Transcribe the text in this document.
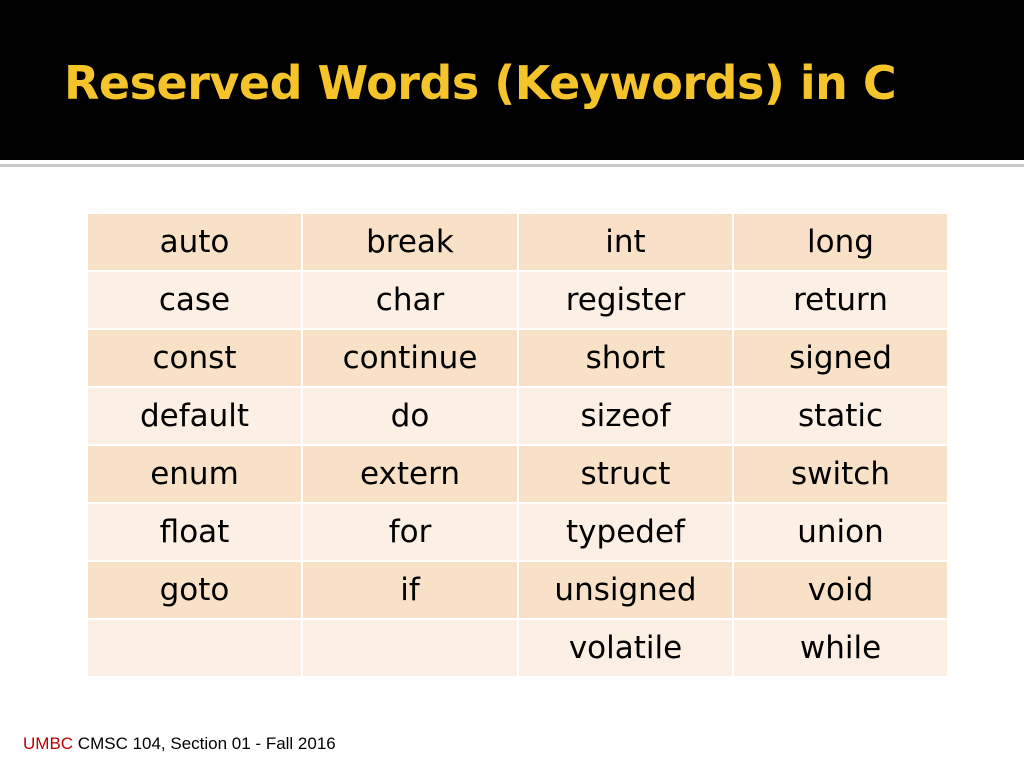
Reserved Words (Keywords) in C
auto	break	int	long
case	char	register	return
const	continue	short	signed
default	do	sizeof	static
enum	extern	struct	switch
float	for	typedef	union
goto	if	unsigned	void
		volatile	while
UMBC CMSC 104, Section 01 - Fall 2016
